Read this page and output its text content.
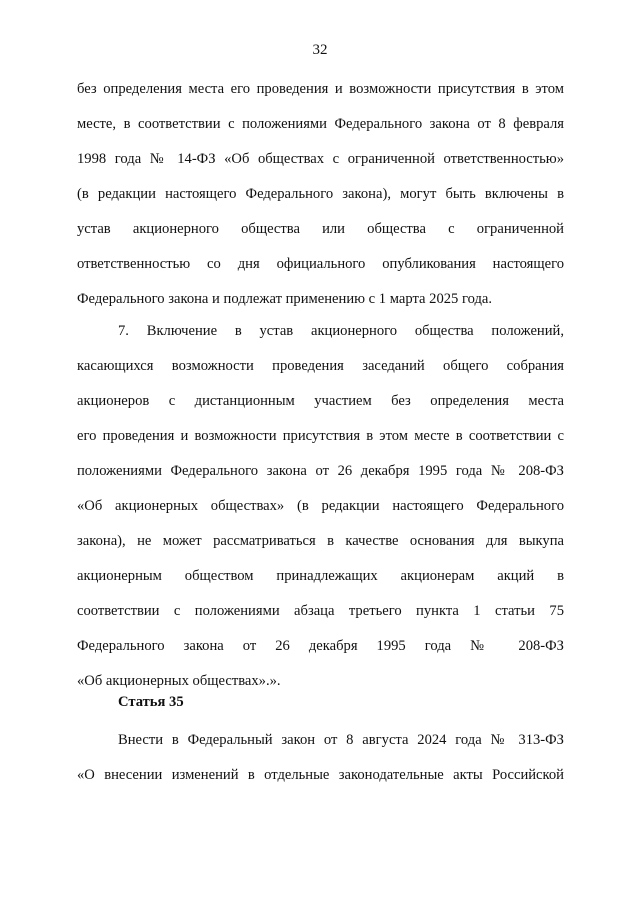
32
без определения места его проведения и возможности присутствия в этом
месте, в соответствии с положениями Федерального закона от 8 февраля
1998 года № 14-ФЗ «Об обществах с ограниченной ответственностью»
(в редакции настоящего Федерального закона), могут быть включены в
устав акционерного общества или общества с ограниченной
ответственностью со дня официального опубликования настоящего
Федерального закона и подлежат применению с 1 марта 2025 года.
7. Включение в устав акционерного общества положений,
касающихся возможности проведения заседаний общего собрания
акционеров с дистанционным участием без определения места
его проведения и возможности присутствия в этом месте в соответствии с
положениями Федерального закона от 26 декабря 1995 года № 208-ФЗ
«Об акционерных обществах» (в редакции настоящего Федерального
закона), не может рассматриваться в качестве основания для выкупа
акционерным обществом принадлежащих акционерам акций в
соответствии с положениями абзаца третьего пункта 1 статьи 75
Федерального закона от 26 декабря 1995 года № 208-ФЗ
«Об акционерных обществах».».
Статья 35
Внести в Федеральный закон от 8 августа 2024 года № 313-ФЗ
«О внесении изменений в отдельные законодательные акты Российской
